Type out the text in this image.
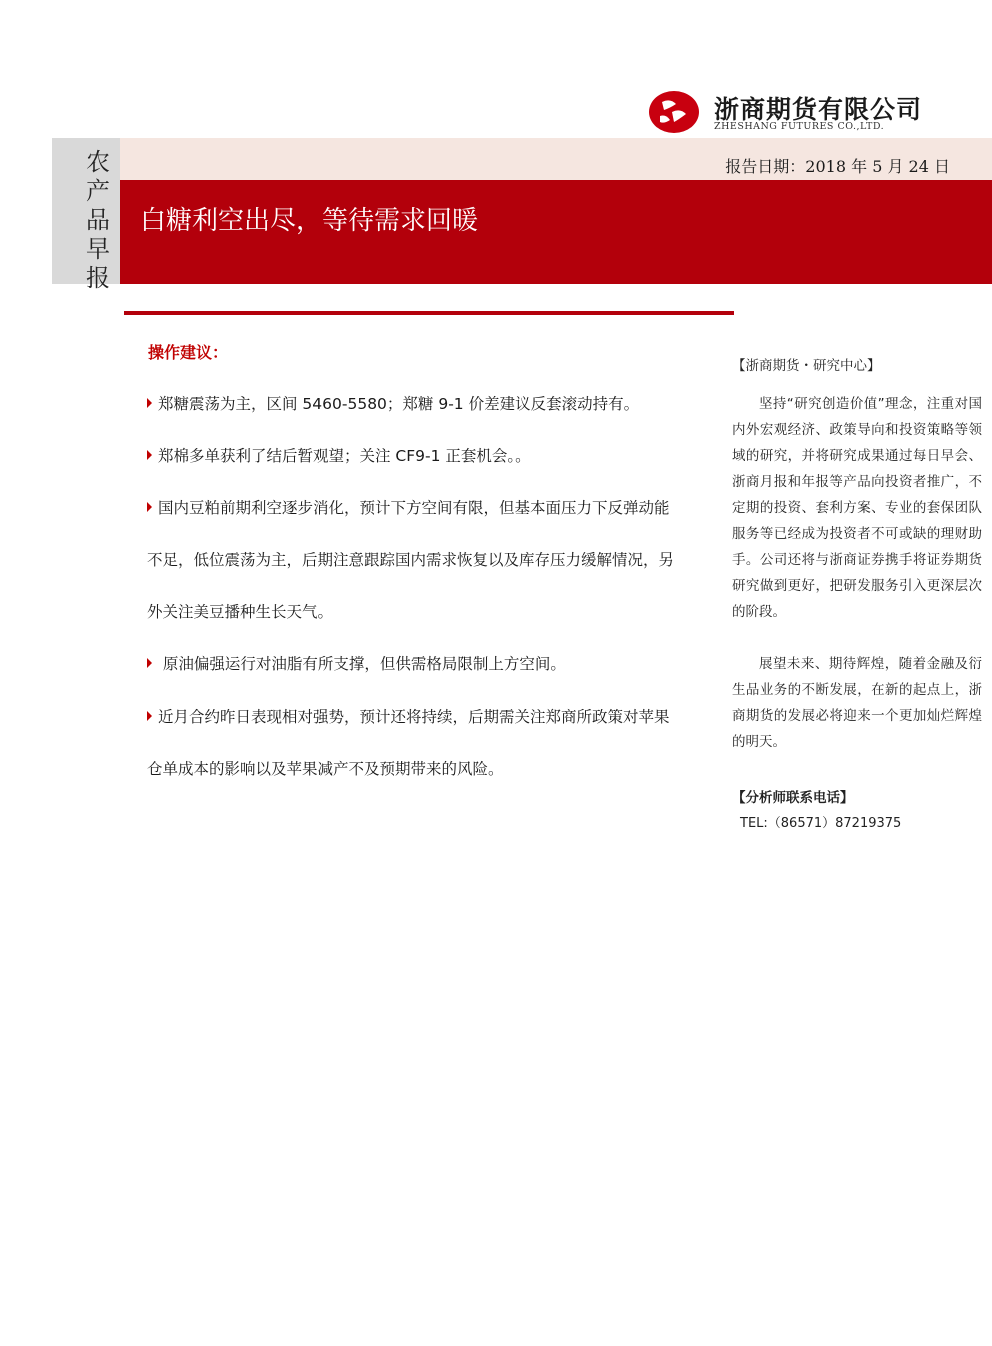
浙商期货有限公司
ZHESHANG FUTURES CO.,LTD.
农产品早报
报告日期：2018 年 5 月 24 日
白糖利空出尽，等待需求回暖
操作建议：
郑糖震荡为主，区间 5460-5580；郑糖 9-1 价差建议反套滚动持有。
郑棉多单获利了结后暂观望；关注 CF9-1 正套机会。。
国内豆粕前期利空逐步消化，预计下方空间有限，但基本面压力下反弹动能
不足，低位震荡为主，后期注意跟踪国内需求恢复以及库存压力缓解情况，另
外关注美豆播种生长天气。
原油偏强运行对油脂有所支撑，但供需格局限制上方空间。
近月合约昨日表现相对强势，预计还将持续，后期需关注郑商所政策对苹果
仓单成本的影响以及苹果减产不及预期带来的风险。
【浙商期货・研究中心】
坚持“研究创造价值”理念，注重对国内外宏观经济、政策导向和投资策略等领域的研究，并将研究成果通过每日早会、浙商月报和年报等产品向投资者推广，不定期的投资、套利方案、专业的套保团队服务等已经成为投资者不可或缺的理财助手。公司还将与浙商证券携手将证券期货研究做到更好，把研发服务引入更深层次的阶段。
展望未来、期待辉煌，随着金融及衍生品业务的不断发展，在新的起点上，浙商期货的发展必将迎来一个更加灿烂辉煌的明天。
【分析师联系电话】
TEL:（86571）87219375
